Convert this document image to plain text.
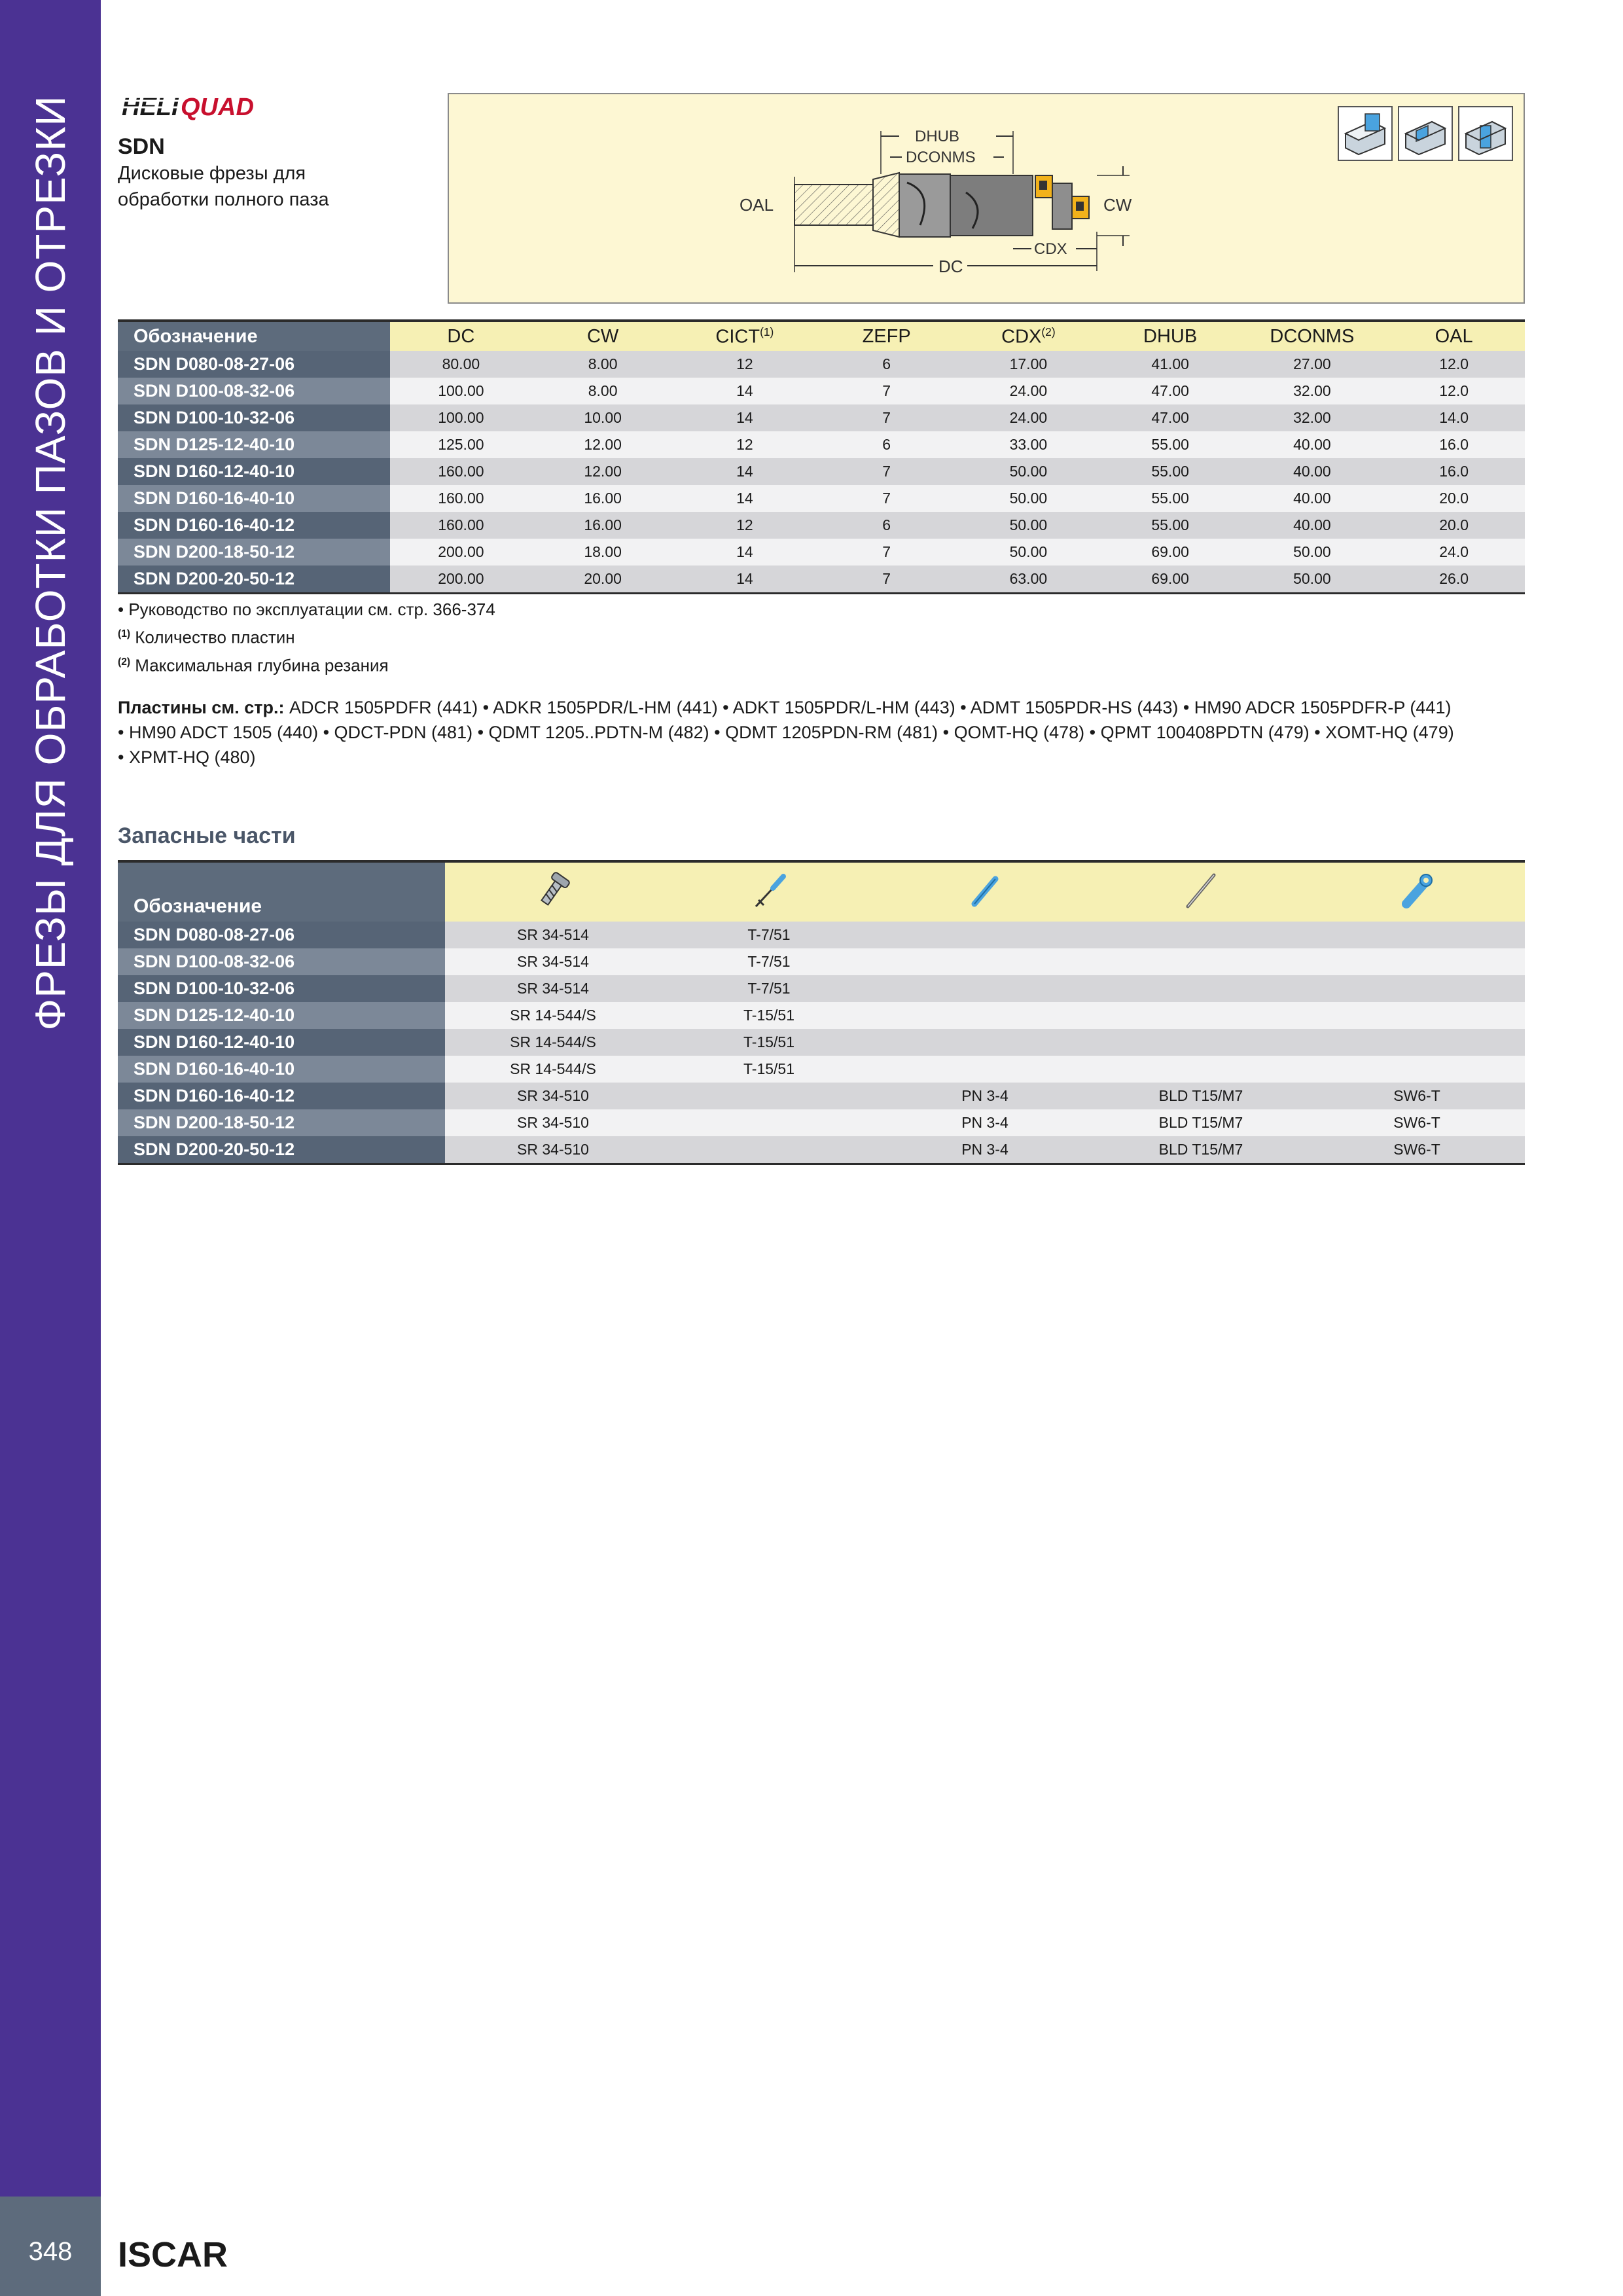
ФРЕЗЫ ДЛЯ ОБРАБОТКИ ПАЗОВ И ОТРЕЗКИ
348	ISCAR
HELI QUAD
SDN
Дисковые фрезы для
обработки полного паза
DHUB
DCONMS
OAL	CW
CDX
DC
Обозначение	DC	CW	CICT$^{(1)}$	ZEFP	CDX$^{(2)}$	DHUB	DCONMS	OAL
SDN D080-08-27-06	80.00	8.00	12	6	17.00	41.00	27.00	12.0
SDN D100-08-32-06	100.00	8.00	14	7	24.00	47.00	32.00	12.0
SDN D100-10-32-06	100.00	10.00	14	7	24.00	47.00	32.00	14.0
SDN D125-12-40-10	125.00	12.00	12	6	33.00	55.00	40.00	16.0
SDN D160-12-40-10	160.00	12.00	14	7	50.00	55.00	40.00	16.0
SDN D160-16-40-10	160.00	16.00	14	7	50.00	55.00	40.00	20.0
SDN D160-16-40-12	160.00	16.00	12	6	50.00	55.00	40.00	20.0
SDN D200-18-50-12	200.00	18.00	14	7	50.00	69.00	50.00	24.0
SDN D200-20-50-12	200.00	20.00	14	7	63.00	69.00	50.00	26.0
• Руководство по эксплуатации см. стр. 366-374
$^{(1)}$ Количество пластин
$^{(2)}$ Максимальная глубина резания
Пластины см. стр.: ADCR 1505PDFR (441) • ADKR 1505PDR/L-HM (441) • ADKT 1505PDR/L-HM (443) • ADMT 1505PDR-HS (443) • HM90 ADCR 1505PDFR-P (441)
• HM90 ADCT 1505 (440) • QDCT-PDN (481) • QDMT 1205..PDTN-M (482) • QDMT 1205PDN-RM (481) • QOMT-HQ (478) • QPMT 100408PDTN (479) • XOMT-HQ (479)
• XPMT-HQ (480)
Запасные части
Обозначение					
SDN D080-08-27-06	SR 34-514	T-7/51			
SDN D100-08-32-06	SR 34-514	T-7/51			
SDN D100-10-32-06	SR 34-514	T-7/51			
SDN D125-12-40-10	SR 14-544/S	T-15/51			
SDN D160-12-40-10	SR 14-544/S	T-15/51			
SDN D160-16-40-10	SR 14-544/S	T-15/51			
SDN D160-16-40-12	SR 34-510		PN 3-4	BLD T15/M7	SW6-T
SDN D200-18-50-12	SR 34-510		PN 3-4	BLD T15/M7	SW6-T
SDN D200-20-50-12	SR 34-510		PN 3-4	BLD T15/M7	SW6-T
